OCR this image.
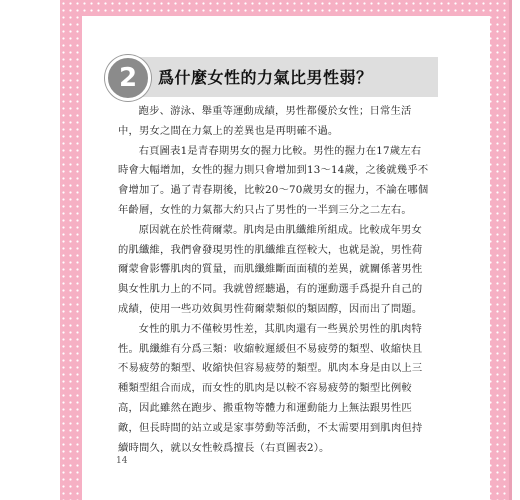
2	爲什麼女性的力氣比男性弱？

跑步、游泳、舉重等運動成績，男性都優於女性；日常生活中，男女之間在力氣上的差異也是再明確不過。

右頁圖表1是青春期男女的握力比較。男性的握力在17歲左右時會大幅增加，女性的握力則只會增加到13～14歲，之後就幾乎不會增加了。過了青春期後，比較20～70歲男女的握力，不論在哪個年齡層，女性的力氣都大約只占了男性的一半到三分之二左右。

原因就在於性荷爾蒙。肌肉是由肌纖維所組成。比較成年男女的肌纖維，我們會發現男性的肌纖維直徑較大，也就是說，男性荷爾蒙會影響肌肉的質量，而肌纖維斷面面積的差異，就關係著男性與女性肌力上的不同。我就曾經聽過，有的運動選手爲提升自己的成績，使用一些功效與男性荷爾蒙類似的類固醇，因而出了問題。

女性的肌力不僅較男性差，其肌肉還有一些異於男性的肌肉特性。肌纖維有分爲三類：收縮較遲緩但不易疲勞的類型、收縮快且不易疲勞的類型、收縮快但容易疲勞的類型。肌肉本身是由以上三種類型組合而成，而女性的肌肉是以較不容易疲勞的類型比例較高，因此雖然在跑步、搬重物等體力和運動能力上無法跟男性匹敵，但長時間的站立或是家事勞動等活動，不太需要用到肌肉但持續時間久，就以女性較爲擅長（右頁圖表2）。

14
